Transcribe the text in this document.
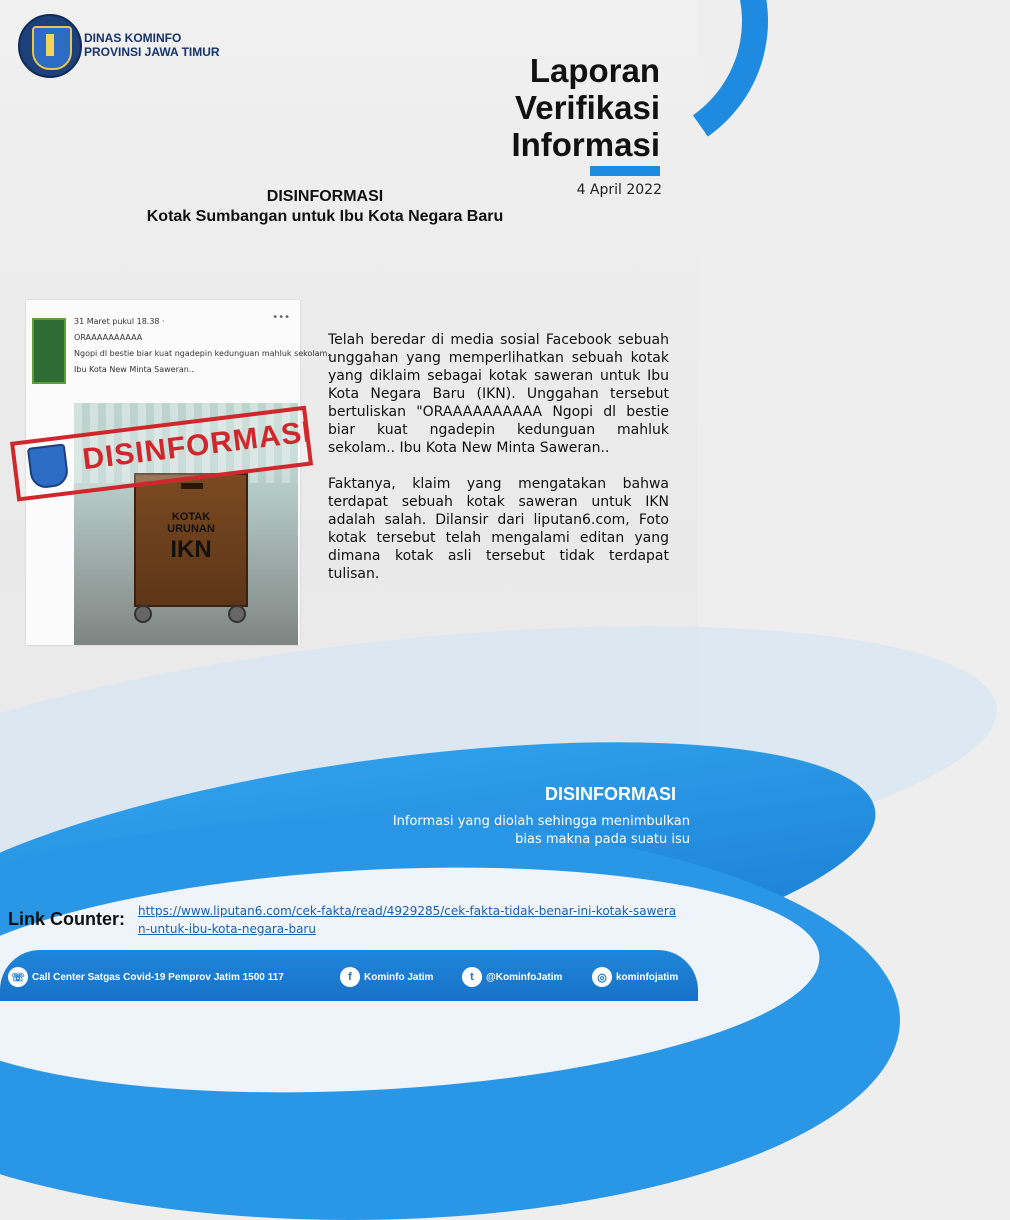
DINAS KOMINFO
PROVINSI JAWA TIMUR	Laporan
Verifikasi
Informasi
4 April 2022
DISINFORMASI
Kotak Sumbangan untuk Ibu Kota Negara Baru
31 Maret pukul 18.38 ·
ORAAAAAAAAAA
Ngopi dl bestie biar kuat ngadepin kedunguan mahluk sekolam..
Ibu Kota New Minta Saweran..
•••
KOTAK URUNAN
IKN
DISINFORMASI

Telah beredar di media sosial Facebook sebuah unggahan yang memperlihatkan sebuah kotak yang diklaim sebagai kotak saweran untuk Ibu Kota Negara Baru (IKN). Unggahan tersebut bertuliskan "ORAAAAAAAAAA Ngopi dl bestie biar kuat ngadepin kedunguan mahluk sekolam.. Ibu Kota New Minta Saweran..

Faktanya, klaim yang mengatakan bahwa terdapat sebuah kotak saweran untuk IKN adalah salah. Dilansir dari liputan6.com, Foto kotak tersebut telah mengalami editan yang dimana kotak asli tersebut tidak terdapat tulisan.

DISINFORMASI
Informasi yang diolah sehingga menimbulkan bias makna pada suatu isu
Link Counter: https://www.liputan6.com/cek-fakta/read/4929285/cek-fakta-tidak-benar-ini-kotak-saweran-untuk-ibu-kota-negara-baru
☏ Call Center Satgas Covid-19 Pemprov Jatim 1500 117	f	Kominfo Jatim	t	@KominfoJatim	◎ kominfojatim
